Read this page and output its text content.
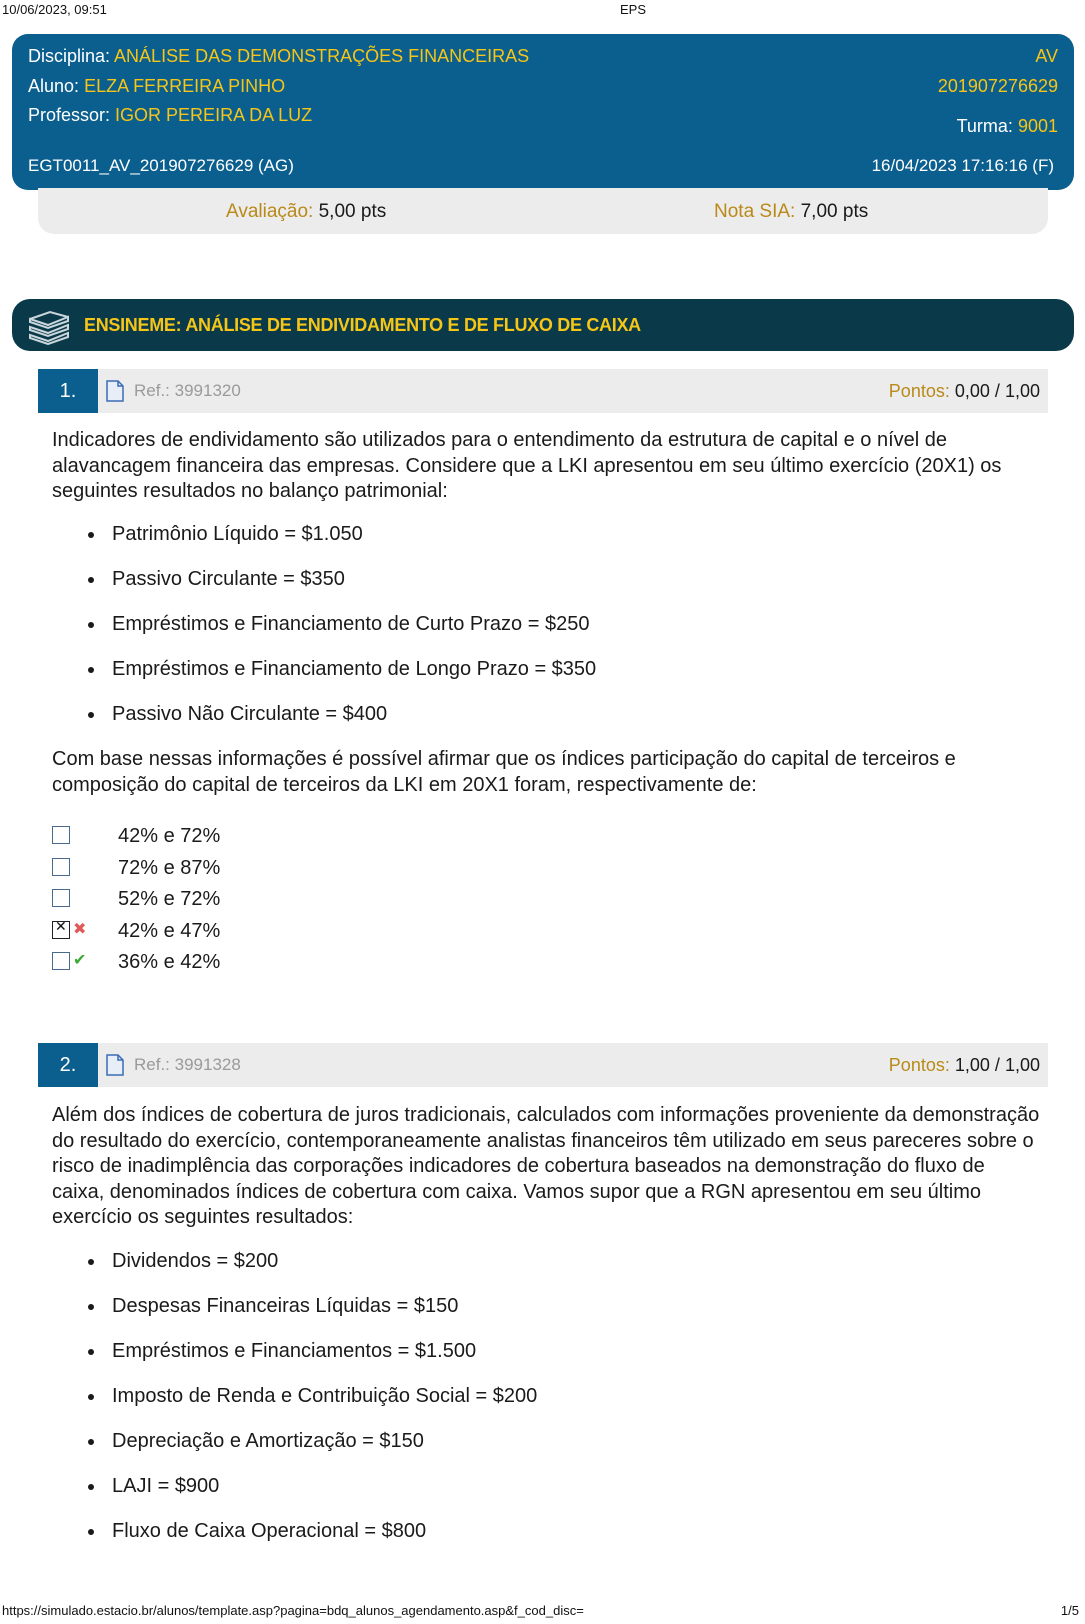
10/06/2023, 09:51	EPS
Disciplina: ANÁLISE DAS DEMONSTRAÇÕES FINANCEIRAS
Aluno: ELZA FERREIRA PINHO
Professor: IGOR PEREIRA DA LUZ
AV
201907276629
Turma: 9001
EGT0011_AV_201907276629 (AG)	16/04/2023 17:16:16 (F)
Avaliação: 5,00 pts	Nota SIA: 7,00 pts
ENSINEME: ANÁLISE DE ENDIVIDAMENTO E DE FLUXO DE CAIXA
1.	Ref.: 3991320	Pontos: 0,00 / 1,00
Indicadores de endividamento são utilizados para o entendimento da estrutura de capital e o nível de alavancagem financeira das empresas. Considere que a LKI apresentou em seu último exercício (20X1) os seguintes resultados no balanço patrimonial:
Patrimônio Líquido = $1.050
Passivo Circulante = $350
Empréstimos e Financiamento de Curto Prazo = $250
Empréstimos e Financiamento de Longo Prazo = $350
Passivo Não Circulante = $400
Com base nessas informações é possível afirmar que os índices participação do capital de terceiros e composição do capital de terceiros da LKI em 20X1 foram, respectivamente de:
42% e 72%
72% e 87%
52% e 72%
✕
✖ 42% e 47%
✔ 36% e 42%
2.	Ref.: 3991328	Pontos: 1,00 / 1,00
Além dos índices de cobertura de juros tradicionais, calculados com informações proveniente da demonstração do resultado do exercício, contemporaneamente analistas financeiros têm utilizado em seus pareceres sobre o risco de inadimplência das corporações indicadores de cobertura baseados na demonstração do fluxo de caixa, denominados índices de cobertura com caixa. Vamos supor que a RGN apresentou em seu último exercício os seguintes resultados:
Dividendos = $200
Despesas Financeiras Líquidas = $150
Empréstimos e Financiamentos = $1.500
Imposto de Renda e Contribuição Social = $200
Depreciação e Amortização = $150
LAJI = $900
Fluxo de Caixa Operacional = $800
https://simulado.estacio.br/alunos/template.asp?pagina=bdq_alunos_agendamento.asp&f_cod_disc=	1/5
